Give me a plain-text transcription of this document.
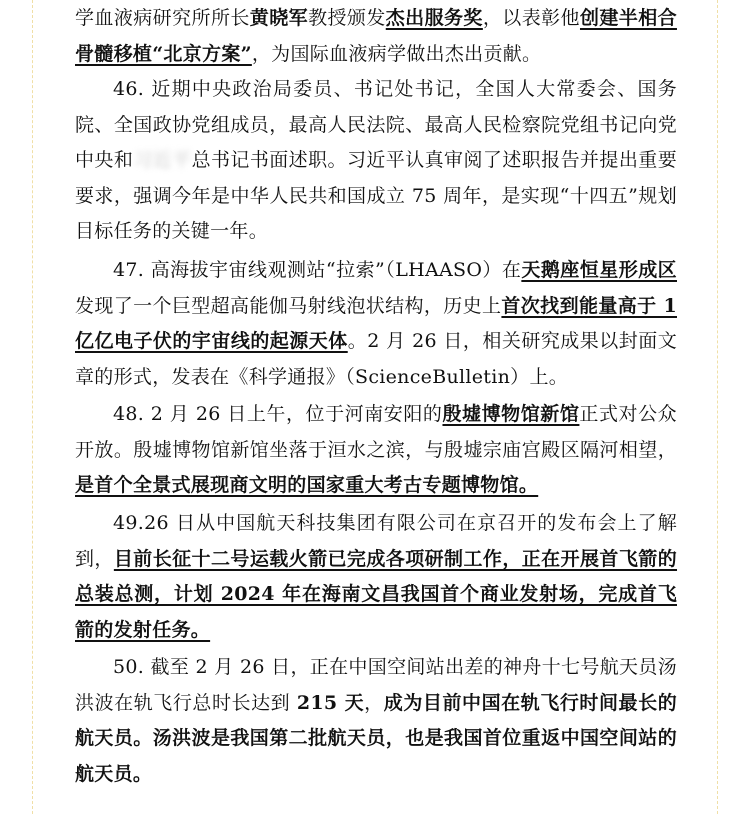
学血液病研究所所长黄晓军教授颁发杰出服务奖，以表彰他创建半相合骨髓移植“北京方案”，为国际血液病学做出杰出贡献。

46. 近期中央政治局委员、书记处书记，全国人大常委会、国务院、全国政协党组成员，最高人民法院、最高人民检察院党组书记向党中央和习近平总书记书面述职。习近平认真审阅了述职报告并提出重要要求，强调今年是中华人民共和国成立 75 周年，是实现“十四五”规划目标任务的关键一年。

47. 高海拔宇宙线观测站“拉索”（LHAASO）在天鹅座恒星形成区发现了一个巨型超高能伽马射线泡状结构，历史上首次找到能量高于 1 亿亿电子伏的宇宙线的起源天体。2 月 26 日，相关研究成果以封面文章的形式，发表在《科学通报》（ScienceBulletin）上。

48. 2 月 26 日上午，位于河南安阳的殷墟博物馆新馆正式对公众开放。殷墟博物馆新馆坐落于洹水之滨，与殷墟宗庙宫殿区隔河相望，是首个全景式展现商文明的国家重大考古专题博物馆。

49.26 日从中国航天科技集团有限公司在京召开的发布会上了解到，目前长征十二号运载火箭已完成各项研制工作，正在开展首飞箭的总装总测，计划 2024 年在海南文昌我国首个商业发射场，完成首飞箭的发射任务。

50. 截至 2 月 26 日，正在中国空间站出差的神舟十七号航天员汤洪波在轨飞行总时长达到 215 天，成为目前中国在轨飞行时间最长的航天员。汤洪波是我国第二批航天员，也是我国首位重返中国空间站的航天员。
